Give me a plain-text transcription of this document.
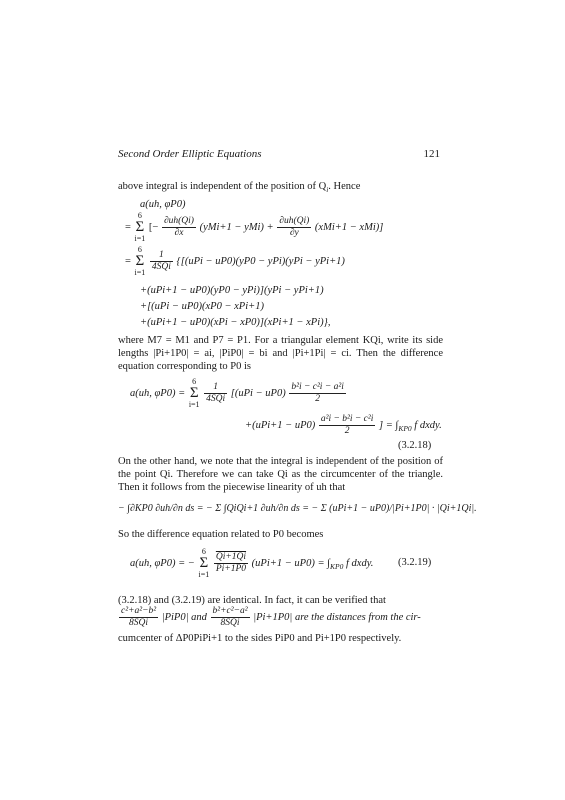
Second Order Elliptic Equations	121
above integral is independent of the position of $Q_i$. Hence
a(uh, φP0)
= 6
Σ
i=1 [− $\frac{\partial uh(Qi)}{\partial x} (yMi+1 - yMi) + \frac{\partial uh(Qi)}{\partial y} (xMi+1 - xMi)$]
= 6
Σ
$i=1 \frac{1}{\text{4SQi}} \{[(uPi - uP0)(yP0 - yPi)(yPi - yPi+1)$
+(uPi+1 − uP0)(yP0 − yPi)](yPi − yPi+1)
+[(uPi − uP0)(xP0 − xPi+1)
+(uPi+1 − uP0)(xPi − xP0)](xPi+1 − xPi)},
where M7 = M1 and P7 = P1. For a triangular element KQi, write its side lengths |Pi+1P0| = ai, |PiP0| = bi and |Pi+1Pi| = ci. Then the difference equation corresponding to P0 is
a(uh, φP0) = 6
Σ
$i=1 \frac{1}{\text{4SQi}} [(uPi - uP0) \frac{\text{b²i − c²i − a²i}}{2}$
$+(uPi+1 - uP0) \frac{\text{a²i − b²i − c²i}}{2}$ ] = $\int_{KP0}$ f dxdy.
(3.2.18)
On the other hand, we note that the integral is independent of the position of the point Qi. Therefore we can take Qi as the circumcenter of the triangle. Then it follows from the piecewise linearity of uh that
− ∫∂KP0 ∂uh/∂n ds = − Σ ∫QiQi+1 ∂uh/∂n ds = − Σ (uPi+1 − uP0)/|Pi+1P0| · |Qi+1Qi|.
So the difference equation related to P0 becomes
a(uh, φP0) = − 6
Σ
$i=1 \frac{Qi+1Qi}{Pi+1P0} (uPi+1 - uP0) = \int_{KP0}$ f dxdy. (3.2.19)
(3.2.18) and (3.2.19) are identical. In fact, it can be verified that
$\frac{\text{c²+a²−b²}}{\text{8SQi}} |PiP0|$ and $\frac{\text{b²+c²−a²}}{\text{8SQi}} |Pi+1P0|$ are the distances from the cir-
cumcenter of ΔP0PiPi+1 to the sides PiP0 and Pi+1P0 respectively.
